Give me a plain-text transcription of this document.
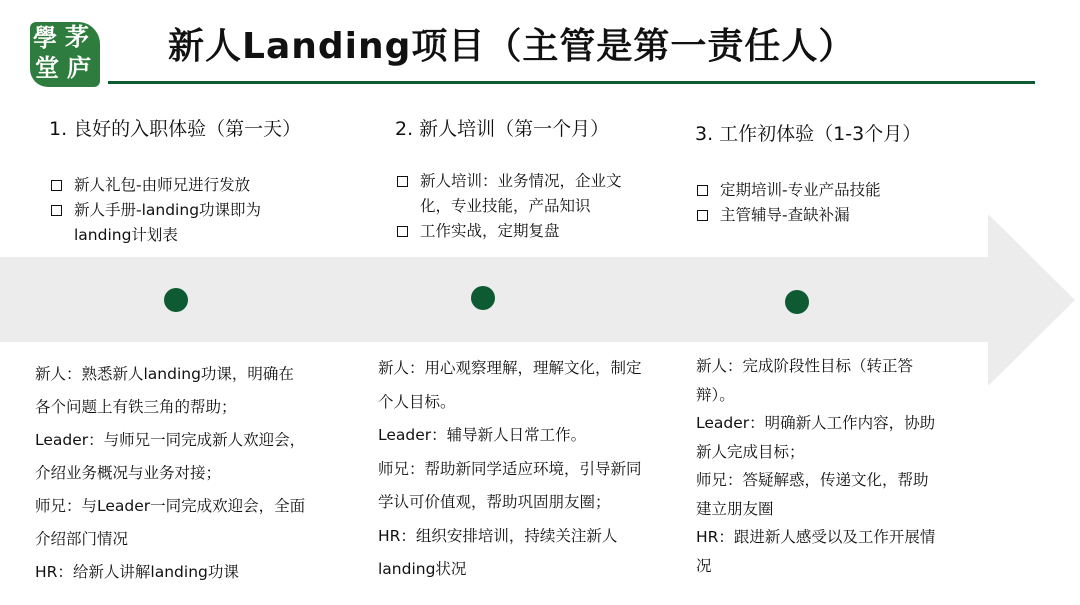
學 茅
堂 庐
新人Landing项目（主管是第一责任人）
1. 良好的入职体验（第一天）
新人礼包-由师兄进行发放
新人手册-landing功课即为landing计划表

新人：熟悉新人landing功课，明确在

各个问题上有铁三角的帮助；

Leader：与师兄一同完成新人欢迎会，

介绍业务概况与业务对接；

师兄：与Leader一同完成欢迎会，全面

介绍部门情况

HR：给新人讲解landing功课

2. 新人培训（第一个月）
新人培训：业务情况，企业文化，专业技能，产品知识
工作实战，定期复盘

新人：用心观察理解，理解文化，制定

个人目标。

Leader：辅导新人日常工作。

师兄：帮助新同学适应环境，引导新同

学认可价值观，帮助巩固朋友圈；

HR：组织安排培训，持续关注新人

landing状况

3. 工作初体验（1-3个月）
定期培训-专业产品技能
主管辅导-查缺补漏

新人：完成阶段性目标（转正答

辩）。

Leader：明确新人工作内容，协助

新人完成目标；

师兄：答疑解惑，传递文化，帮助

建立朋友圈

HR：跟进新人感受以及工作开展情

况
